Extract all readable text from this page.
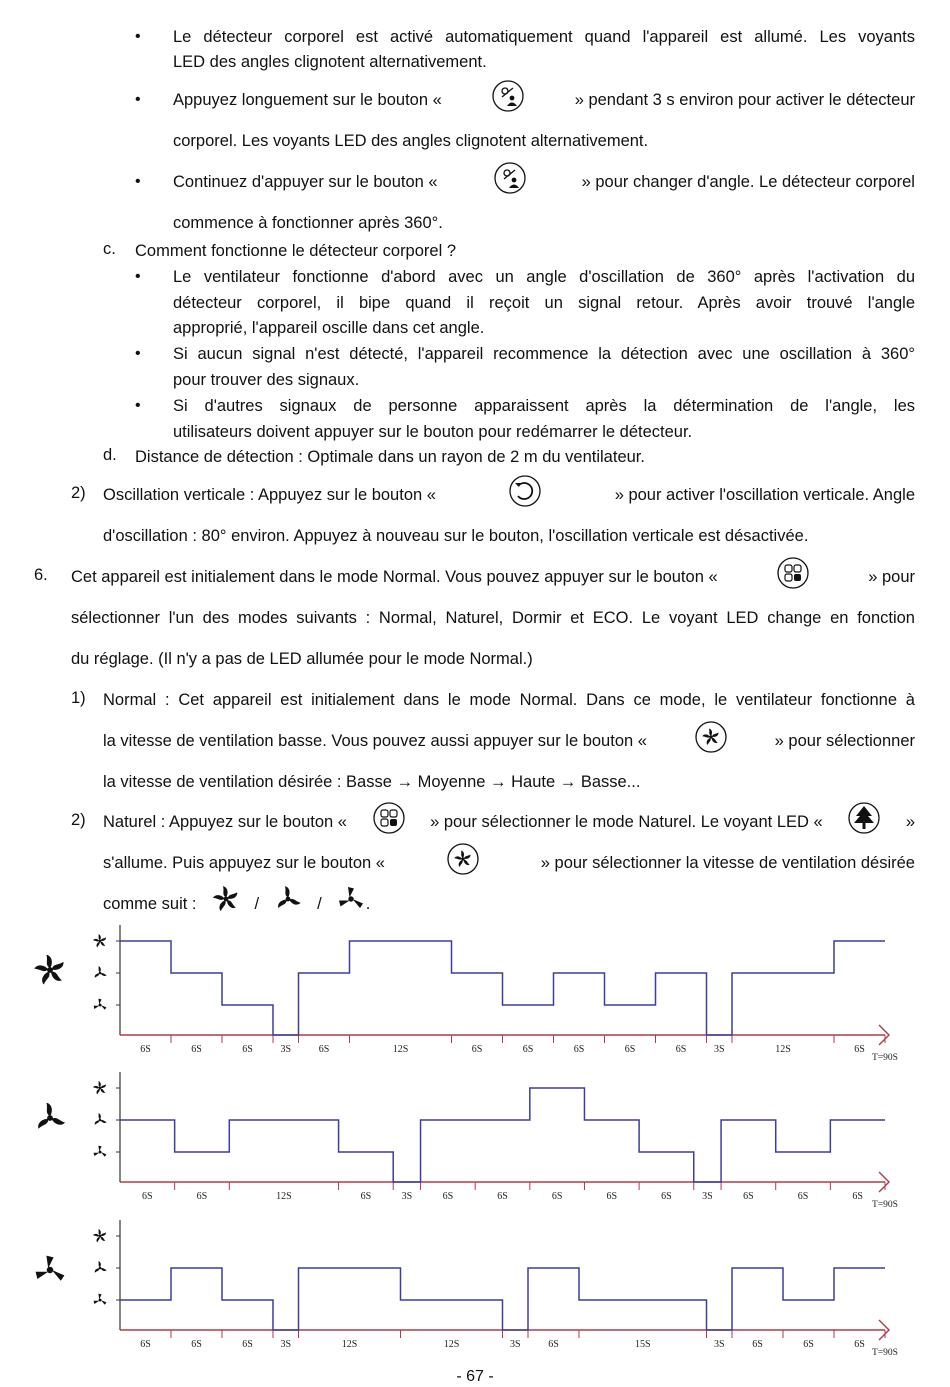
• Le détecteur corporel est activé automatiquement quand l'appareil est allumé. Les voyants
LED des angles clignotent alternativement.
• Appuyez longuement sur le bouton «	» pendant 3 s environ pour activer le détecteur
corporel. Les voyants LED des angles clignotent alternativement.
• Continuez d'appuyer sur le bouton «	» pour changer d'angle. Le détecteur corporel
commence à fonctionner après 360°.
c. Comment fonctionne le détecteur corporel ?
• Le ventilateur fonctionne d'abord avec un angle d'oscillation de 360° après l'activation du
détecteur corporel, il bipe quand il reçoit un signal retour. Après avoir trouvé l'angle
approprié, l'appareil oscille dans cet angle.
• Si aucun signal n'est détecté, l'appareil recommence la détection avec une oscillation à 360°
pour trouver des signaux.
• Si d'autres signaux de personne apparaissent après la détermination de l'angle, les
utilisateurs doivent appuyer sur le bouton pour redémarrer le détecteur.
d. Distance de détection : Optimale dans un rayon de 2 m du ventilateur.
2) Oscillation verticale : Appuyez sur le bouton «	» pour activer l'oscillation verticale. Angle
d'oscillation : 80° environ. Appuyez à nouveau sur le bouton, l'oscillation verticale est désactivée.
6. Cet appareil est initialement dans le mode Normal. Vous pouvez appuyer sur le bouton «	» pour
sélectionner l'un des modes suivants : Normal, Naturel, Dormir et ECO. Le voyant LED change en fonction
du réglage. (Il n'y a pas de LED allumée pour le mode Normal.)
1) Normal : Cet appareil est initialement dans le mode Normal. Dans ce mode, le ventilateur fonctionne à
la vitesse de ventilation basse. Vous pouvez aussi appuyer sur le bouton «	» pour sélectionner
la vitesse de ventilation désirée : Basse → Moyenne → Haute → Basse...
2) Naturel : Appuyez sur le bouton «	» pour sélectionner le mode Naturel. Le voyant LED «	»
s'allume. Puis appuyez sur le bouton «	» pour sélectionner la vitesse de ventilation désirée
comme suit :	/	/	.
6S	6S	6S	3S	6S	12S	6S	6S	6S	6S	6S	3S	12S	6S
T=90S
6S	6S	12S	6S	3S	6S	6S	6S	6S	6S	3S	6S	6S	6S
T=90S
6S	6S	6S	3S	12S	12S	3S	6S	15S	3S	6S	6S	6S
T=90S
- 67 -
